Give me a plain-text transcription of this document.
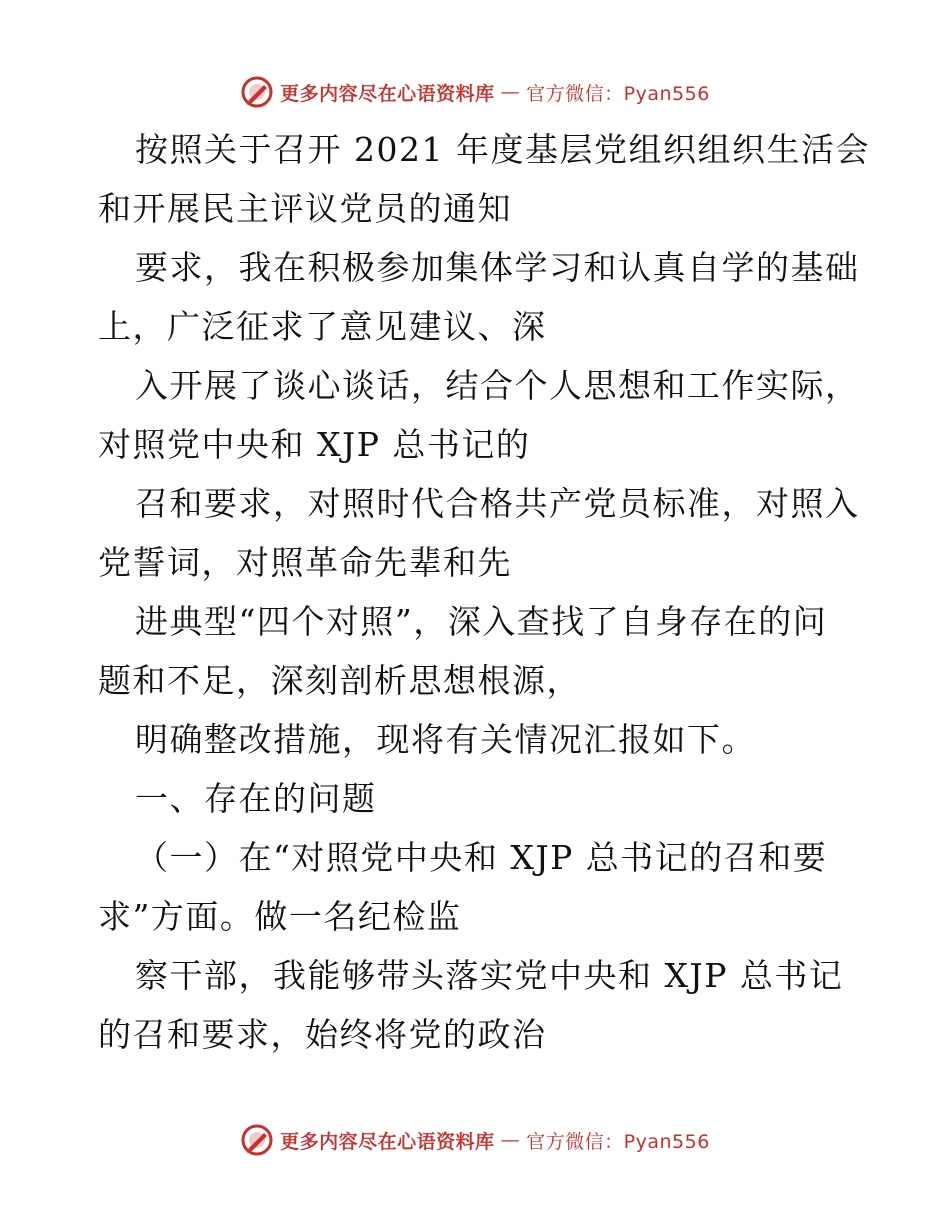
更多内容尽在心语资料库 — 官方微信：Pyan556
按照关于召开 2021 年度基层党组织组织生活会
和开展民主评议党员的通知
要求，我在积极参加集体学习和认真自学的基础
上，广泛征求了意见建议、深
入开展了谈心谈话，结合个人思想和工作实际，
对照党中央和 XJP 总书记的
召和要求，对照时代合格共产党员标准，对照入
党誓词，对照革命先辈和先
进典型“四个对照”，深入查找了自身存在的问
题和不足，深刻剖析思想根源，
明确整改措施，现将有关情况汇报如下。
一、存在的问题
（一）在“对照党中央和 XJP 总书记的召和要
求”方面。做一名纪检监
察干部，我能够带头落实党中央和 XJP 总书记
的召和要求，始终将党的政治
更多内容尽在心语资料库 — 官方微信：Pyan556
